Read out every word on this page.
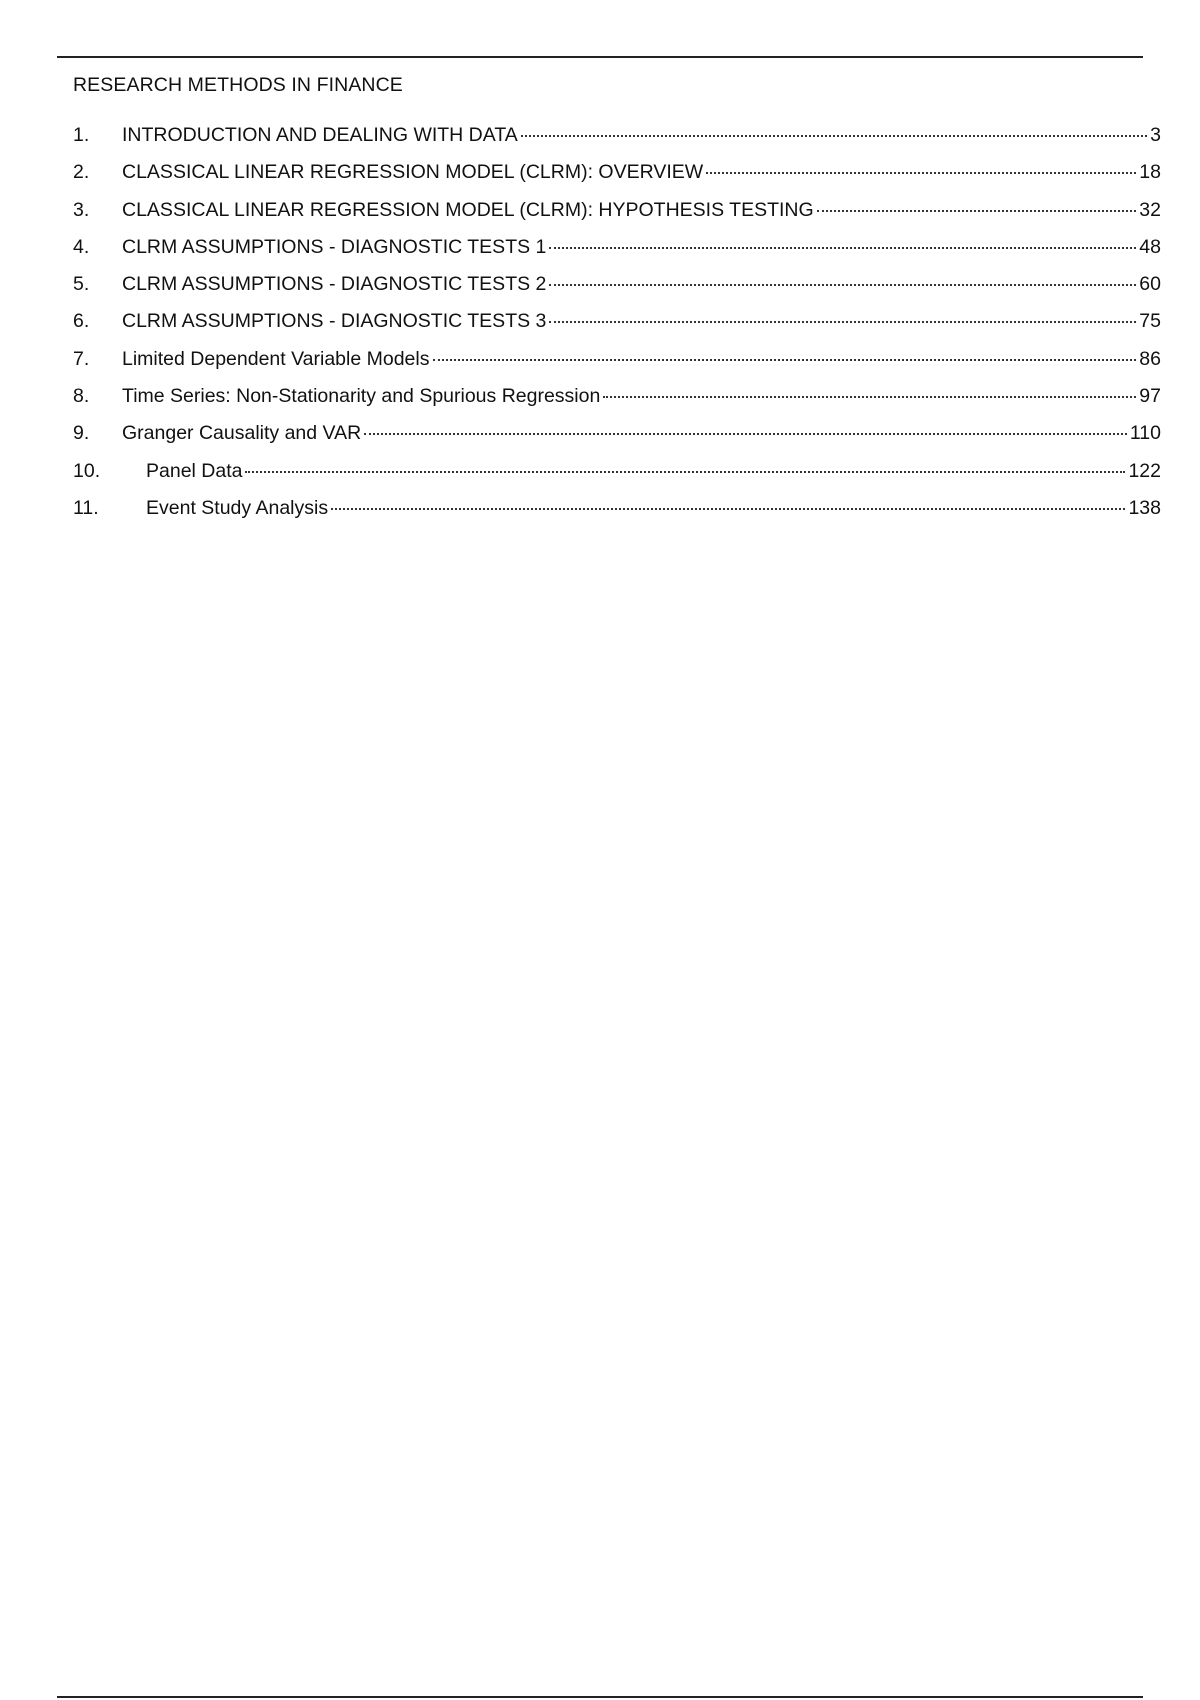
RESEARCH METHODS IN FINANCE
1.	INTRODUCTION AND DEALING WITH DATA	3
2.	CLASSICAL LINEAR REGRESSION MODEL (CLRM): OVERVIEW	18
3.	CLASSICAL LINEAR REGRESSION MODEL (CLRM): HYPOTHESIS TESTING	32
4.	CLRM ASSUMPTIONS - DIAGNOSTIC TESTS 1	48
5.	CLRM ASSUMPTIONS - DIAGNOSTIC TESTS 2	60
6.	CLRM ASSUMPTIONS - DIAGNOSTIC TESTS 3	75
7.	Limited Dependent Variable Models	86
8.	Time Series: Non-Stationarity and Spurious Regression	97
9.	Granger Causality and VAR	110
10.	Panel Data	122
11.	Event Study Analysis	138
